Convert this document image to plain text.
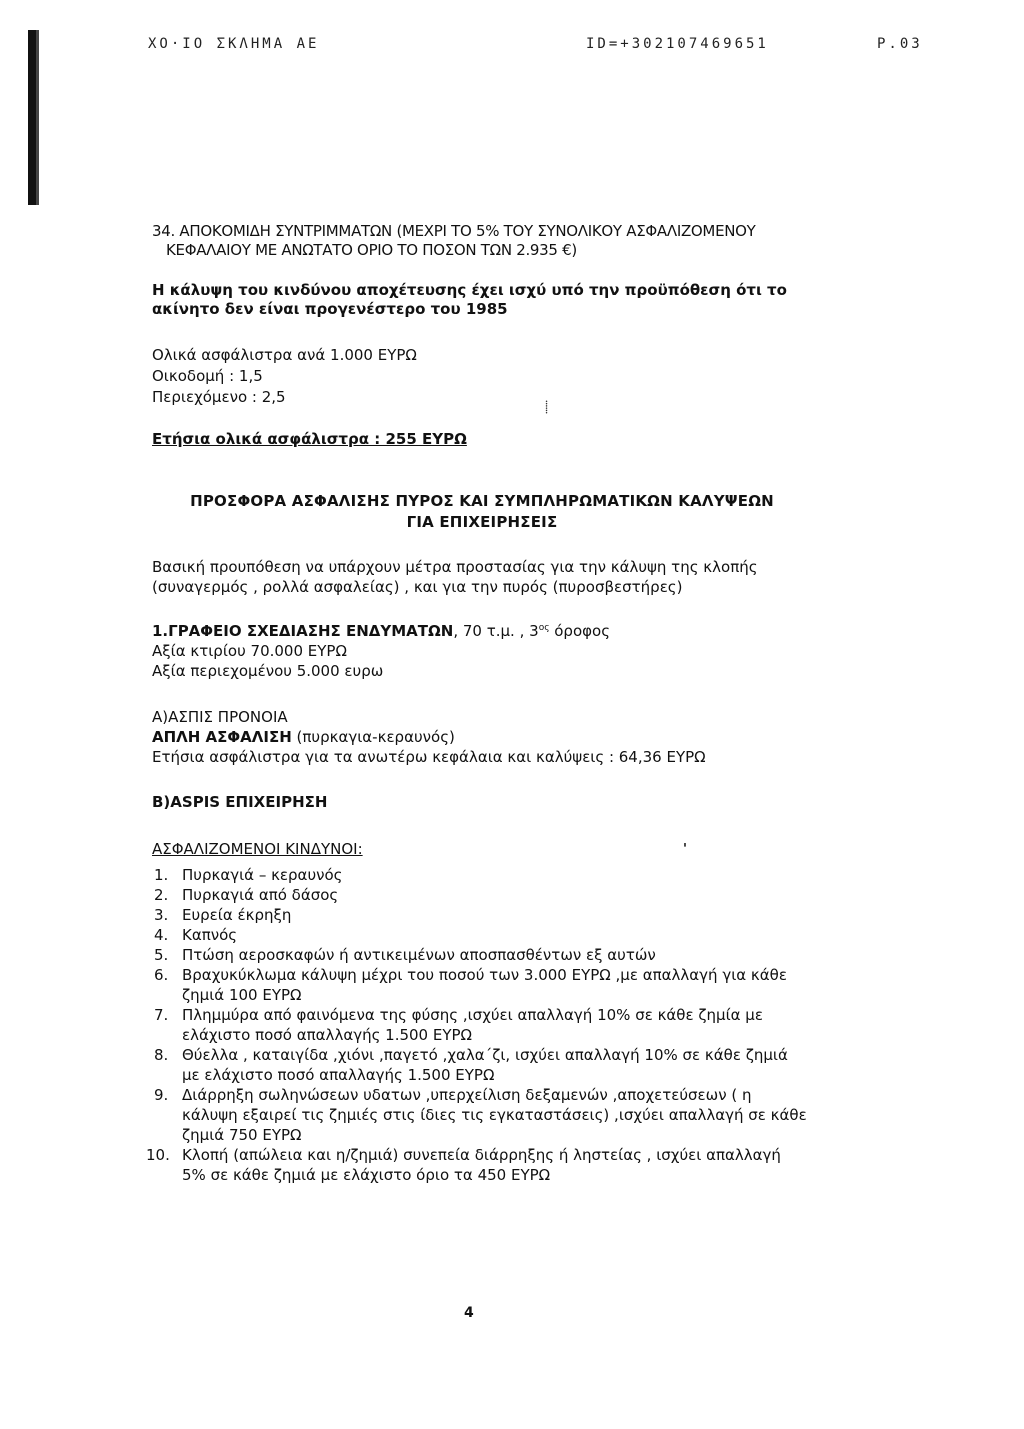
ΧΟ·ΙΟ ΣΚΛΗΜΑ ΑΕ	ID=+302107469651	P.03
⸽
'

34. ΑΠΟΚΟΜΙΔΗ ΣΥΝΤΡΙΜΜΑΤΩΝ (ΜΕΧΡΙ ΤΟ 5% ΤΟΥ ΣΥΝΟΛΙΚΟΥ ΑΣΦΑΛΙΖΟΜΕΝΟΥ

ΚΕΦΑΛΑΙΟΥ ΜΕ ΑΝΩΤΑΤΟ ΟΡΙΟ ΤΟ ΠΟΣΟΝ ΤΩΝ 2.935 €)

Η κάλυψη του κινδύνου αποχέτευσης έχει ισχύ υπό την προϋπόθεση ότι το

ακίνητο δεν είναι προγενέστερο του 1985

Ολικά ασφάλιστρα ανά 1.000 ΕΥΡΩ

Οικοδομή : 1,5

Περιεχόμενο : 2,5

Ετήσια ολικά ασφάλιστρα : 255 ΕΥΡΩ

ΠΡΟΣΦΟΡΑ ΑΣΦΑΛΙΣΗΣ ΠΥΡΟΣ ΚΑΙ ΣΥΜΠΛΗΡΩΜΑΤΙΚΩΝ ΚΑΛΥΨΕΩΝ

ΓΙΑ ΕΠΙΧΕΙΡΗΣΕΙΣ

Βασική προυπόθεση να υπάρχουν μέτρα προστασίας για την κάλυψη της κλοπής

(συναγερμός , ρολλά ασφαλείας) , και για την πυρός (πυροσβεστήρες)

1.ΓΡΑΦΕΙΟ ΣΧΕΔΙΑΣΗΣ ΕΝΔΥΜΑΤΩΝ, 70 τ.μ. , $3^{o\varsigma}$ όροφος

Αξία κτιρίου 70.000 ΕΥΡΩ

Αξία περιεχομένου 5.000 ευρω

Α)ΑΣΠΙΣ ΠΡΟΝΟΙΑ

ΑΠΛΗ ΑΣΦΑΛΙΣΗ (πυρκαγια-κεραυνός)

Ετήσια ασφάλιστρα για τα ανωτέρω κεφάλαια και καλύψεις : 64,36 ΕΥΡΩ

Β)ASPIS ΕΠΙΧΕΙΡΗΣΗ

ΑΣΦΑΛΙΖΟΜΕΝΟΙ ΚΙΝΔΥΝΟΙ:

1. Πυρκαγιά – κεραυνός
2. Πυρκαγιά από δάσος
3. Ευρεία έκρηξη
4. Καπνός
5. Πτώση αεροσκαφών ή αντικειμένων αποσπασθέντων εξ αυτών
6. Βραχυκύκλωμα κάλυψη μέχρι του ποσού των 3.000 ΕΥΡΩ ,με απαλλαγή για κάθε
ζημιά 100 ΕΥΡΩ
7. Πλημμύρα από φαινόμενα της φύσης ,ισχύει απαλλαγή 10% σε κάθε ζημία με
ελάχιστο ποσό απαλλαγής 1.500 ΕΥΡΩ
8. Θύελλα , καταιγίδα ,χιόνι ,παγετό ,χαλα΄ζι, ισχύει απαλλαγή 10% σε κάθε ζημιά
με ελάχιστο ποσό απαλλαγής 1.500 ΕΥΡΩ
9. Διάρρηξη σωληνώσεων υδατων ,υπερχείλιση δεξαμενών ,αποχετεύσεων ( η
κάλυψη εξαιρεί τις ζημιές στις ίδιες τις εγκαταστάσεις) ,ισχύει απαλλαγή σε κάθε
ζημιά 750 ΕΥΡΩ
10. Κλοπή (απώλεια και η/ζημιά) συνεπεία διάρρηξης ή ληστείας , ισχύει απαλλαγή
5% σε κάθε ζημιά με ελάχιστο όριο τα 450 ΕΥΡΩ
4
